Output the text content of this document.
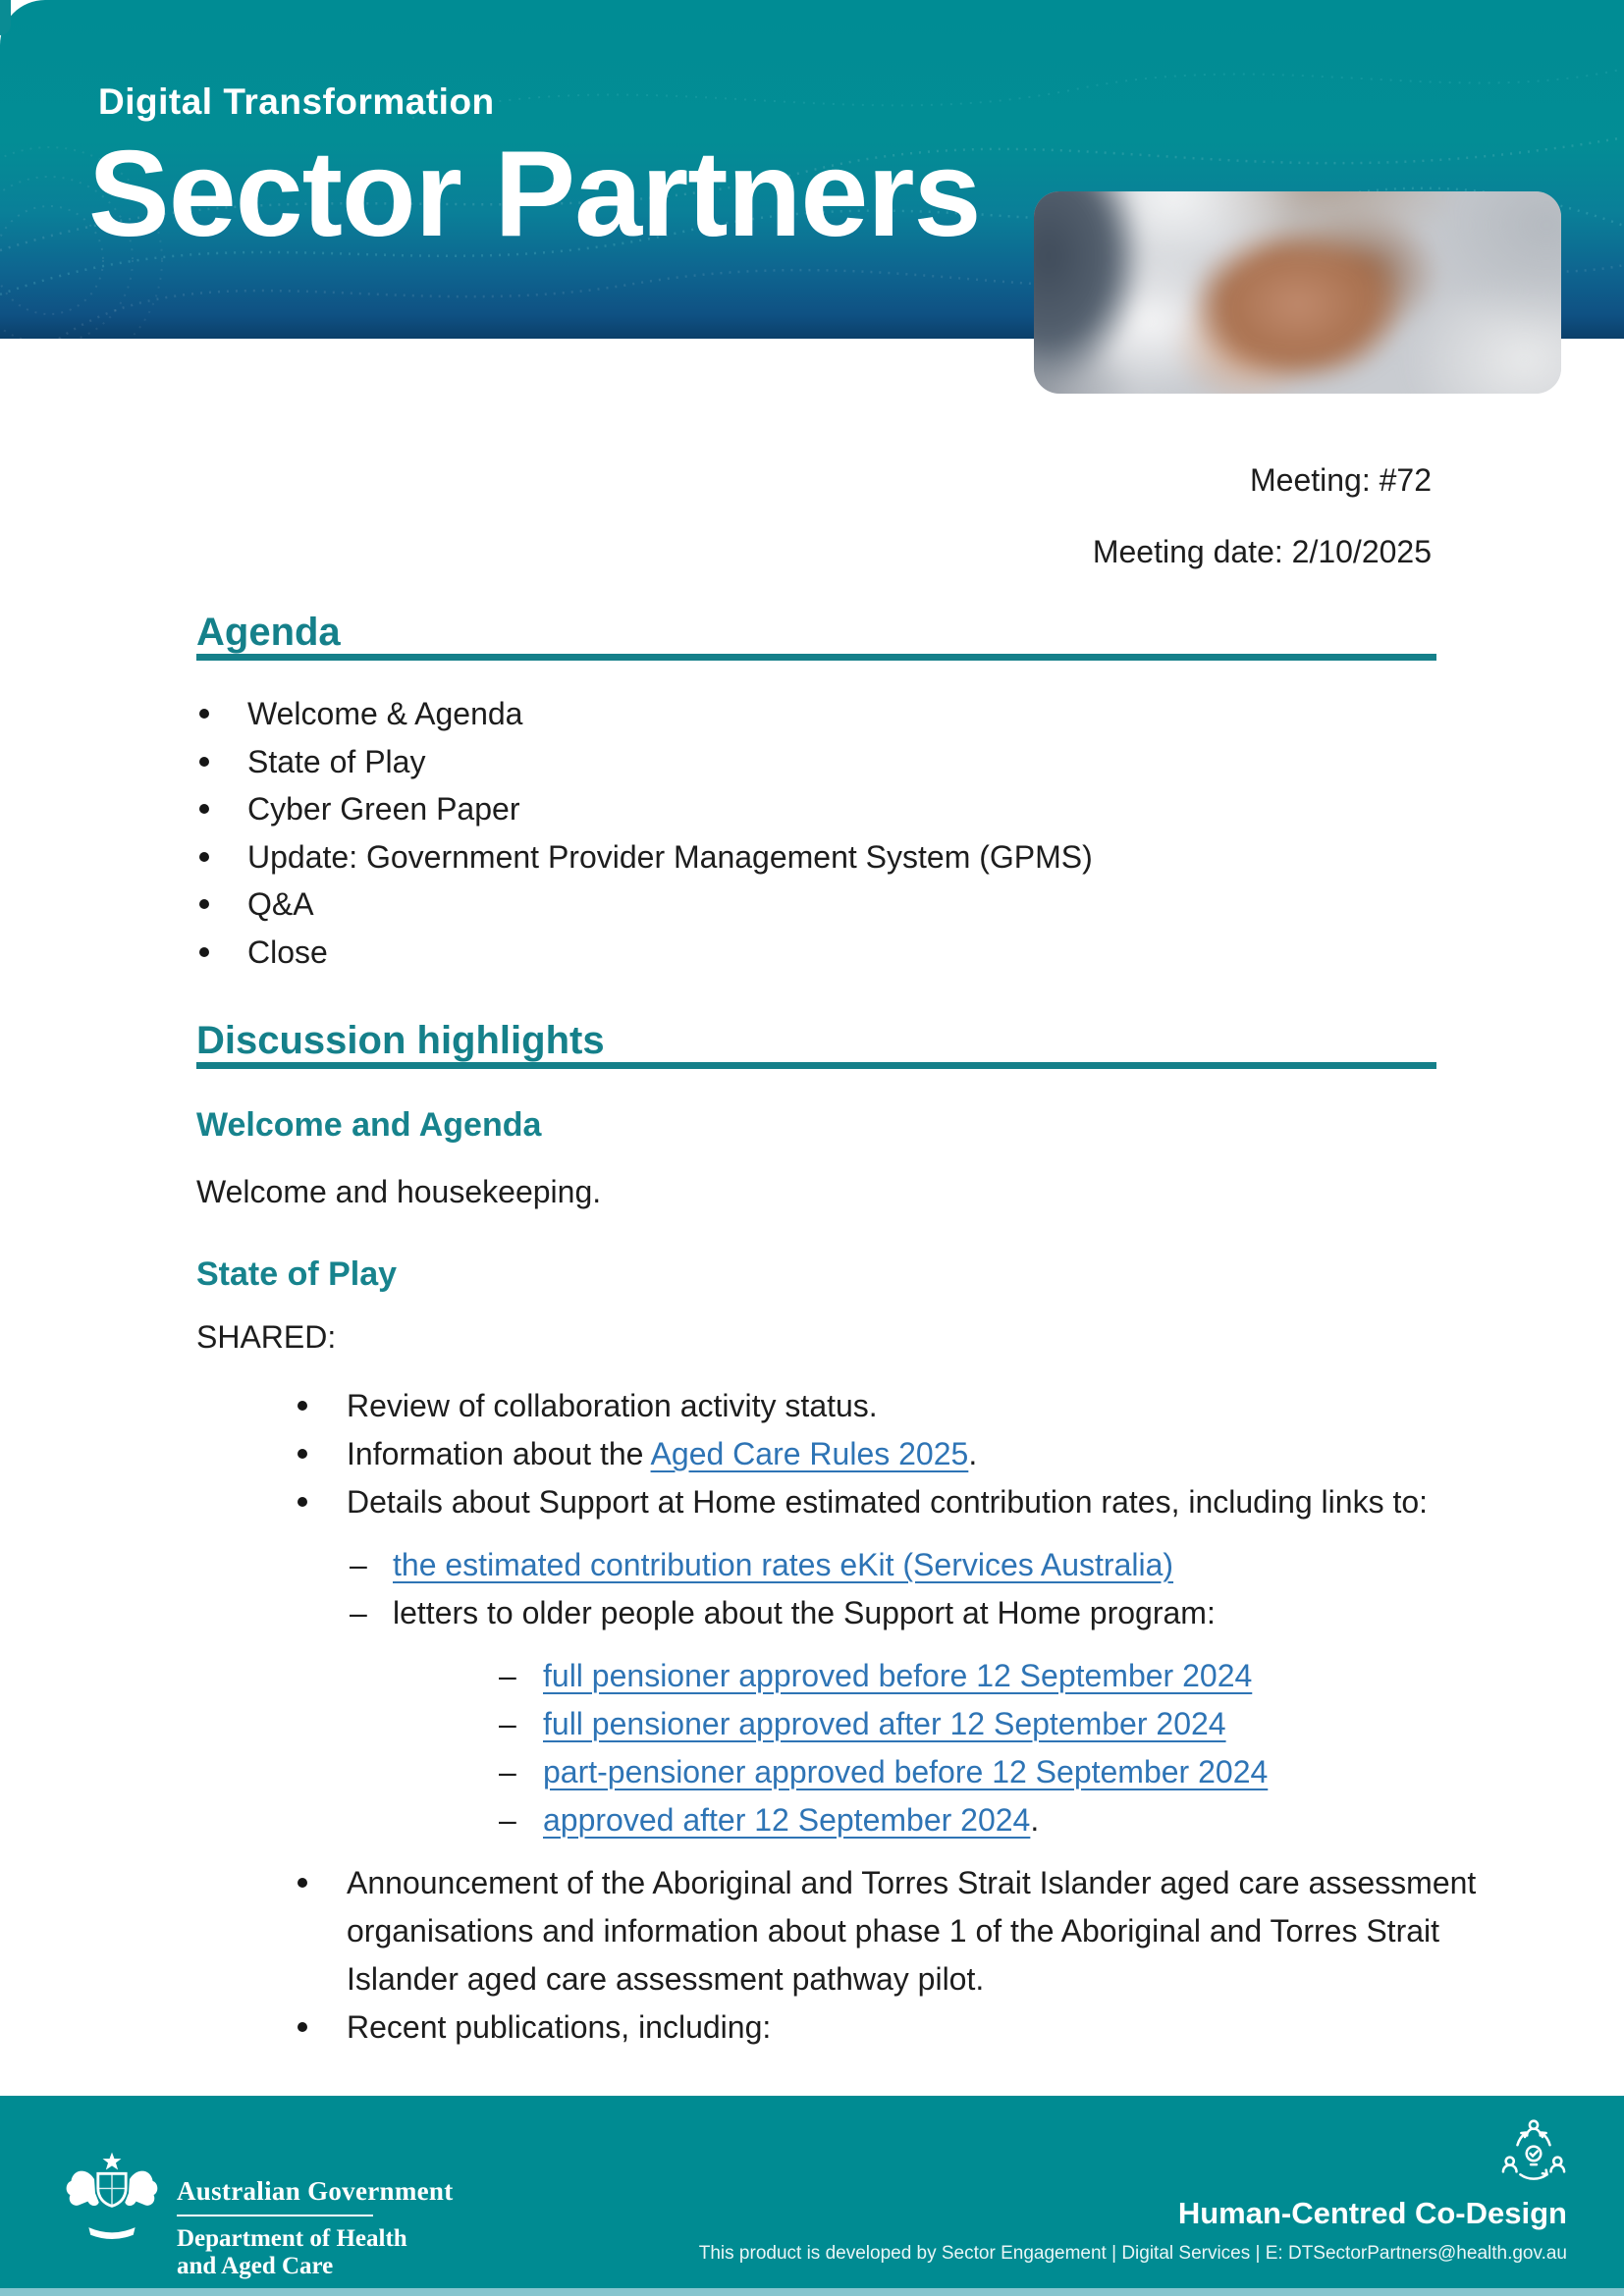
Digital Transformation
Sector Partners
Meeting: #72
Meeting date: 2/10/2025
Agenda
Welcome & Agenda
State of Play
Cyber Green Paper
Update: Government Provider Management System (GPMS)
Q&A
Close
Discussion highlights
Welcome and Agenda

Welcome and housekeeping.

State of Play

SHARED:

Review of collaboration activity status.
Information about the Aged Care Rules 2025.
Details about Support at Home estimated contribution rates, including links to:
– the estimated contribution rates eKit (Services Australia)
– letters to older people about the Support at Home program:
– full pensioner approved before 12 September 2024
– full pensioner approved after 12 September 2024
– part-pensioner approved before 12 September 2024
– approved after 12 September 2024.
Announcement of the Aboriginal and Torres Strait Islander aged care assessment organisations and information about phase 1 of the Aboriginal and Torres Strait Islander aged care assessment pathway pilot.
Recent publications, including:
Australian Government
Department of Health
and Aged Care
Human-Centred Co-Design
This product is developed by Sector Engagement | Digital Services | E: DTSectorPartners@health.gov.au
